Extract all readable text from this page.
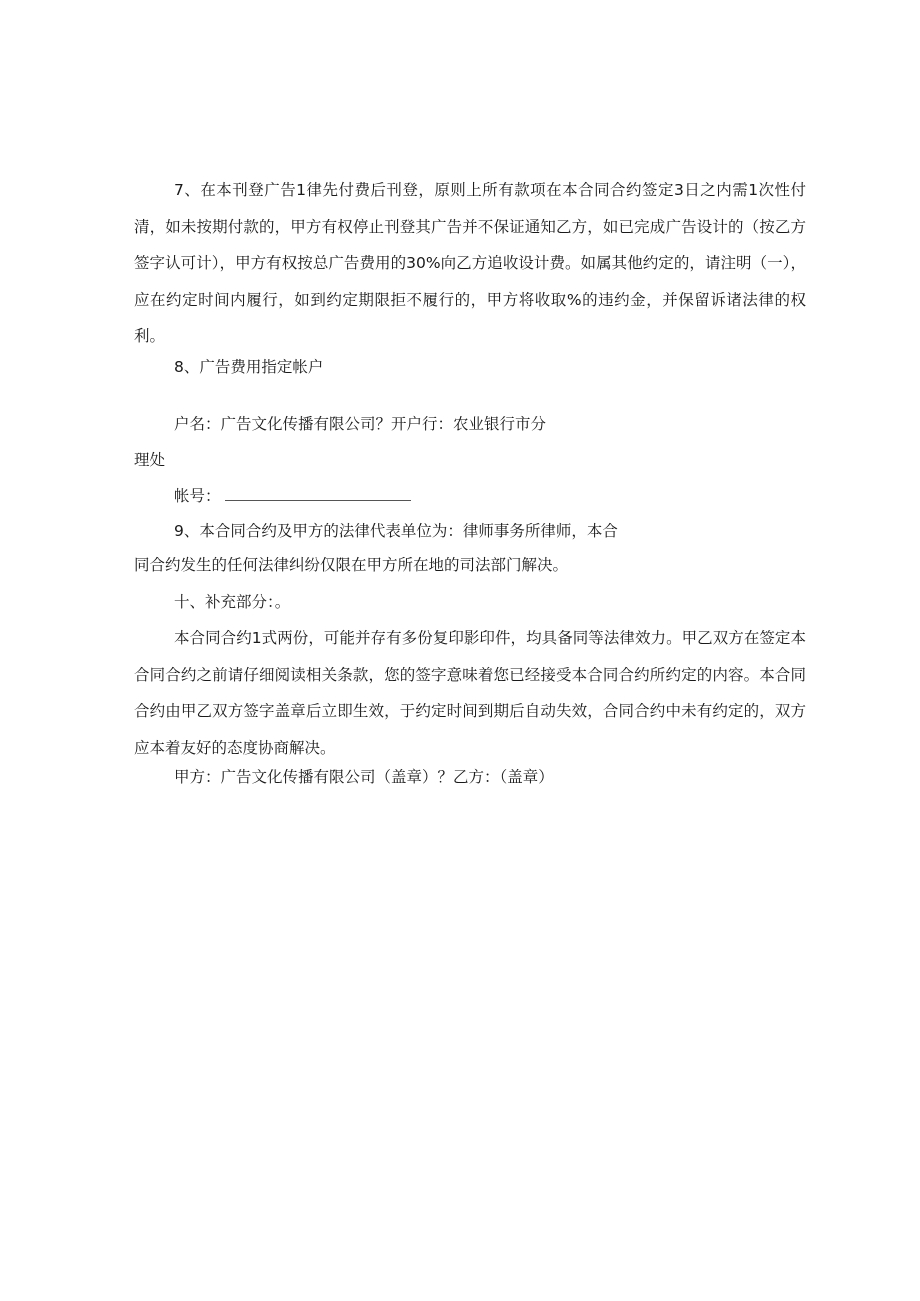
7、在本刊登广告1律先付费后刊登，原则上所有款项在本合同合约签定3日之内需1次性付清，如未按期付款的，甲方有权停止刊登其广告并不保证通知乙方，如已完成广告设计的（按乙方签字认可计），甲方有权按总广告费用的30%向乙方追收设计费。如属其他约定的，请注明（一），应在约定时间内履行，如到约定期限拒不履行的，甲方将收取%的违约金，并保留诉诸法律的权利。

8、广告费用指定帐户

户名：广告文化传播有限公司？开户行：农业银行市分

理处

帐号：

9、本合同合约及甲方的法律代表单位为：律师事务所律师，本合

同合约发生的任何法律纠纷仅限在甲方所在地的司法部门解决。

十、补充部分：。

本合同合约1式两份，可能并存有多份复印影印件，均具备同等法律效力。甲乙双方在签定本合同合约之前请仔细阅读相关条款，您的签字意味着您已经接受本合同合约所约定的内容。本合同合约由甲乙双方签字盖章后立即生效，于约定时间到期后自动失效，合同合约中未有约定的，双方应本着友好的态度协商解决。

甲方：广告文化传播有限公司（盖章）？乙方：（盖章）
